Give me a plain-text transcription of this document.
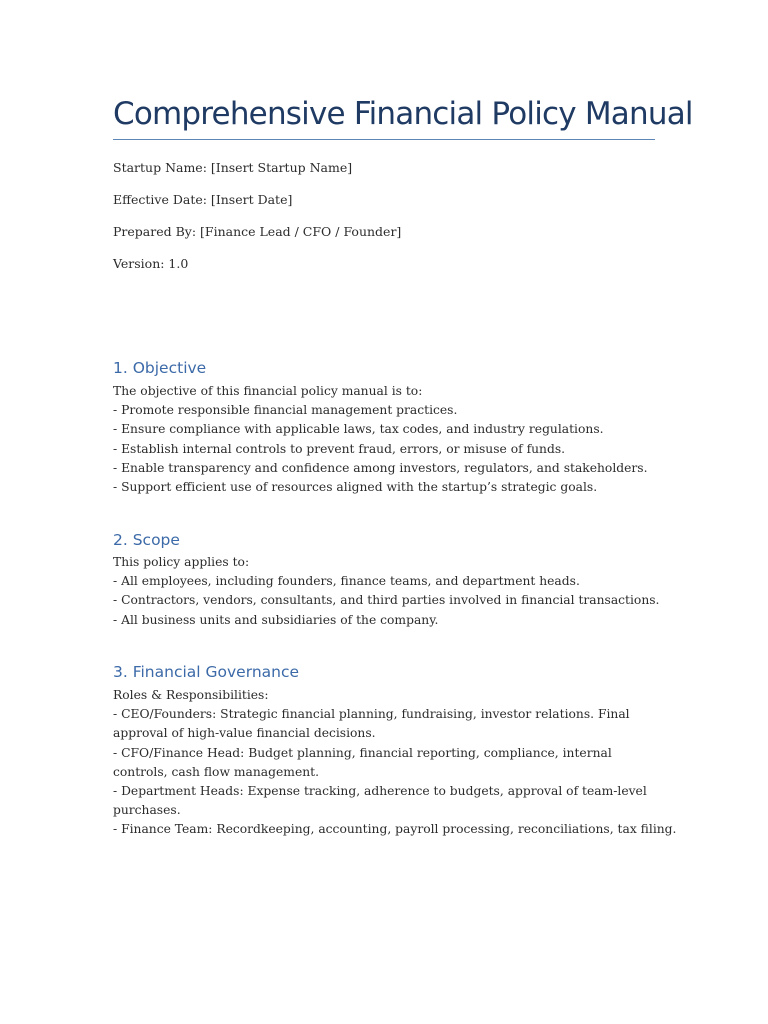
Comprehensive Financial Policy Manual

Startup Name: [Insert Startup Name]

Effective Date: [Insert Date]

Prepared By: [Finance Lead / CFO / Founder]

Version: 1.0

1. Objective
The objective of this financial policy manual is to:
- Promote responsible financial management practices.
- Ensure compliance with applicable laws, tax codes, and industry regulations.
- Establish internal controls to prevent fraud, errors, or misuse of funds.
- Enable transparency and confidence among investors, regulators, and stakeholders.
- Support efficient use of resources aligned with the startup’s strategic goals.
2. Scope
This policy applies to:
- All employees, including founders, finance teams, and department heads.
- Contractors, vendors, consultants, and third parties involved in financial transactions.
- All business units and subsidiaries of the company.
3. Financial Governance
Roles & Responsibilities:
- CEO/Founders: Strategic financial planning, fundraising, investor relations. Final approval of high-value financial decisions.
- CFO/Finance Head: Budget planning, financial reporting, compliance, internal controls, cash flow management.
- Department Heads: Expense tracking, adherence to budgets, approval of team-level purchases.
- Finance Team: Recordkeeping, accounting, payroll processing, reconciliations, tax filing.
